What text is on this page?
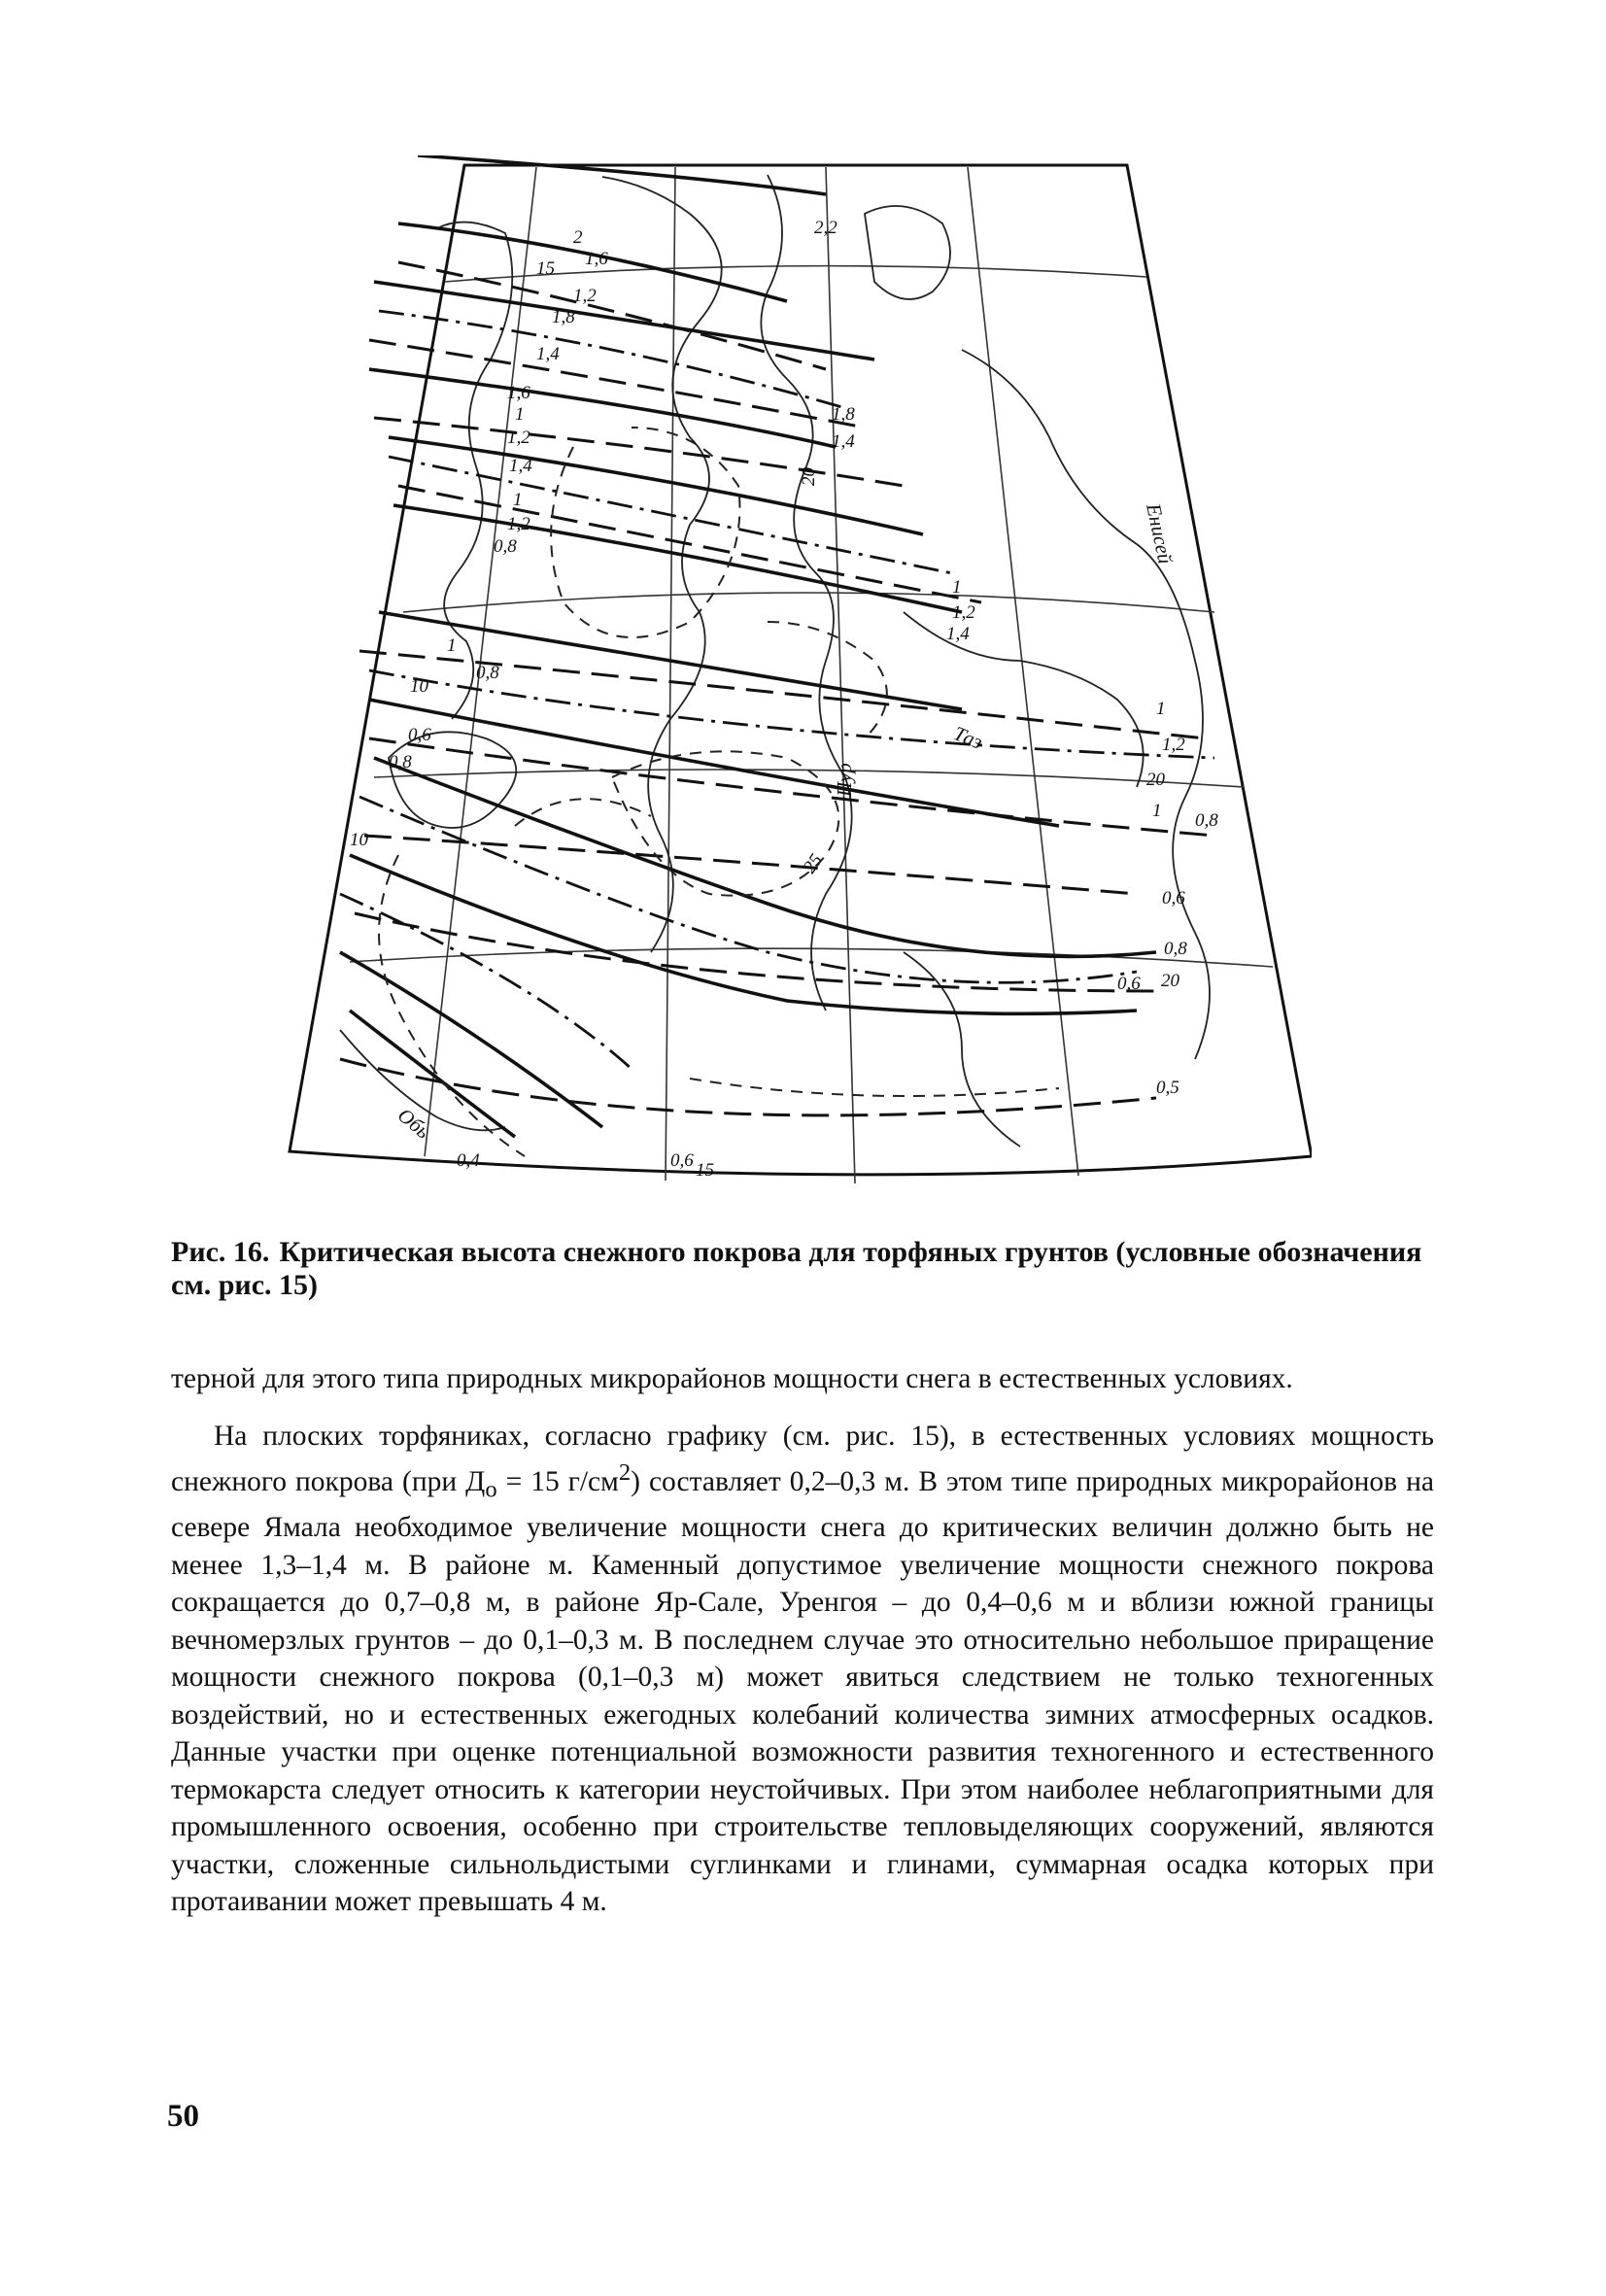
Енисей
Пур
Таз
Обь
2
15 1,6
1,2
1,8
1,4
1,6
1
1,2
1,4
1
1,2
0,8
1
0,8
10
0,6
0,8
10
2,2
1,8
1,4
20
1
1,2
1,4
1
1,2
20
1 0,8
0,6
0,8
0,6 20
0,5
0,4	0,6 15
25
Рис. 16. Критическая высота снежного покрова для торфяных грунтов (условные обозначения см. рис. 15)

терной для этого типа природных микрорайонов мощности снега в естественных условиях.

На плоских торфяниках, согласно графику (см. рис. 15), в естественных условиях мощность снежного покрова (при $Д_о = 15$ $г/см^2$) составляет 0,2–0,3 м. В этом типе природных микрорайонов на севере Ямала необходимое увеличение мощности снега до критических величин должно быть не менее 1,3–1,4 м. В районе м. Каменный допустимое увеличение мощности снежного покрова сокращается до 0,7–0,8 м, в районе Яр-Сале, Уренгоя – до 0,4–0,6 м и вблизи южной границы вечномерзлых грунтов – до 0,1–0,3 м. В последнем случае это относительно небольшое приращение мощности снежного покрова (0,1–0,3 м) может явиться следствием не только техногенных воздействий, но и естественных ежегодных колебаний количества зимних атмосферных осадков. Данные участки при оценке потенциальной возможности развития техногенного и естественного термокарста следует относить к категории неустойчивых. При этом наиболее неблагоприятными для промышленного освоения, особенно при строительстве тепловыделяющих сооружений, являются участки, сложенные сильнольдистыми суглинками и глинами, суммарная осадка которых при протаивании может превышать 4 м.

50
